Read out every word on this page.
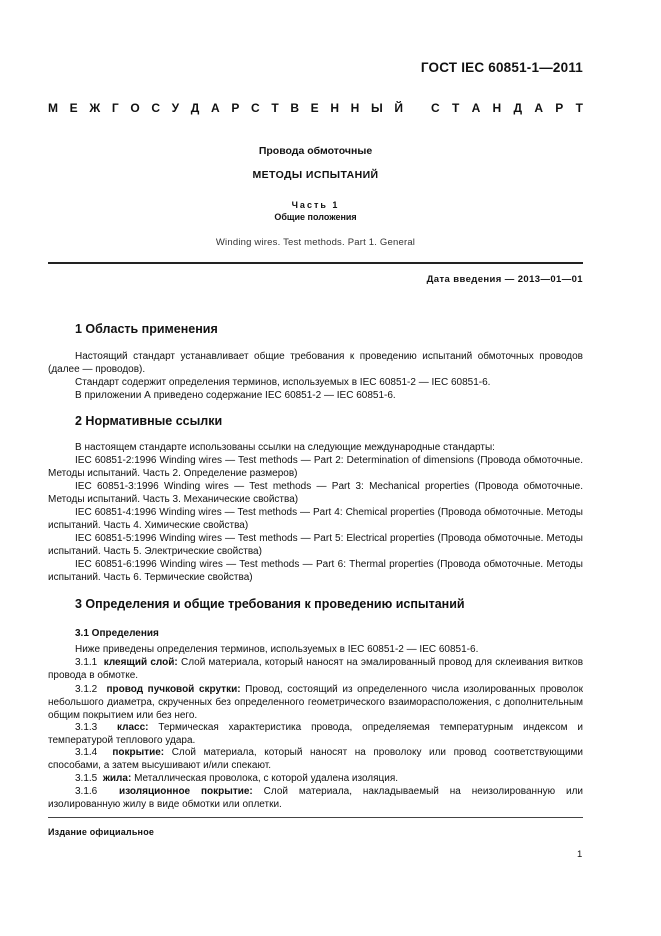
ГОСТ IEC 60851-1—2011
М Е Ж Г О С У Д А Р С Т В Е Н Н Ы Й С Т А Н Д А Р Т
Провода обмоточные
МЕТОДЫ ИСПЫТАНИЙ
Часть 1
Общие положения
Winding wires. Test methods. Part 1. General
Дата введения — 2013—01—01
1 Область применения
Настоящий стандарт устанавливает общие требования к проведению испытаний обмоточных проводов (далее — проводов).
Стандарт содержит определения терминов, используемых в IEC 60851-2 — IEC 60851-6.
В приложении А приведено содержание IEC 60851-2 — IEC 60851-6.
2 Нормативные ссылки
В настоящем стандарте использованы ссылки на следующие международные стандарты:
IEC 60851-2:1996 Winding wires — Test methods — Part 2: Determination of dimensions (Провода обмоточные. Методы испытаний. Часть 2. Определение размеров)
IEC 60851-3:1996 Winding wires — Test methods — Part 3: Mechanical properties (Провода обмоточные. Методы испытаний. Часть 3. Механические свойства)
IEC 60851-4:1996 Winding wires — Test methods — Part 4: Chemical properties (Провода обмоточные. Методы испытаний. Часть 4. Химические свойства)
IEC 60851-5:1996 Winding wires — Test methods — Part 5: Electrical properties (Провода обмоточные. Методы испытаний. Часть 5. Электрические свойства)
IEC 60851-6:1996 Winding wires — Test methods — Part 6: Thermal properties (Провода обмоточные. Методы испытаний. Часть 6. Термические свойства)
3 Определения и общие требования к проведению испытаний
3.1 Определения
Ниже приведены определения терминов, используемых в IEC 60851-2 — IEC 60851-6.
3.1.1 клеящий слой: Слой материала, который наносят на эмалированный провод для склеивания витков провода в обмотке.
3.1.2 провод пучковой скрутки: Провод, состоящий из определенного числа изолированных проволок небольшого диаметра, скрученных без определенного геометрического взаиморасположения, с дополнительным общим покрытием или без него.
3.1.3 класс: Термическая характеристика провода, определяемая температурным индексом и температурой теплового удара.
3.1.4 покрытие: Слой материала, который наносят на проволоку или провод соответствующими способами, а затем высушивают и/или спекают.
3.1.5 жила: Металлическая проволока, с которой удалена изоляция.
3.1.6 изоляционное покрытие: Слой материала, накладываемый на неизолированную или изолированную жилу в виде обмотки или оплетки.
Издание официальное
1
